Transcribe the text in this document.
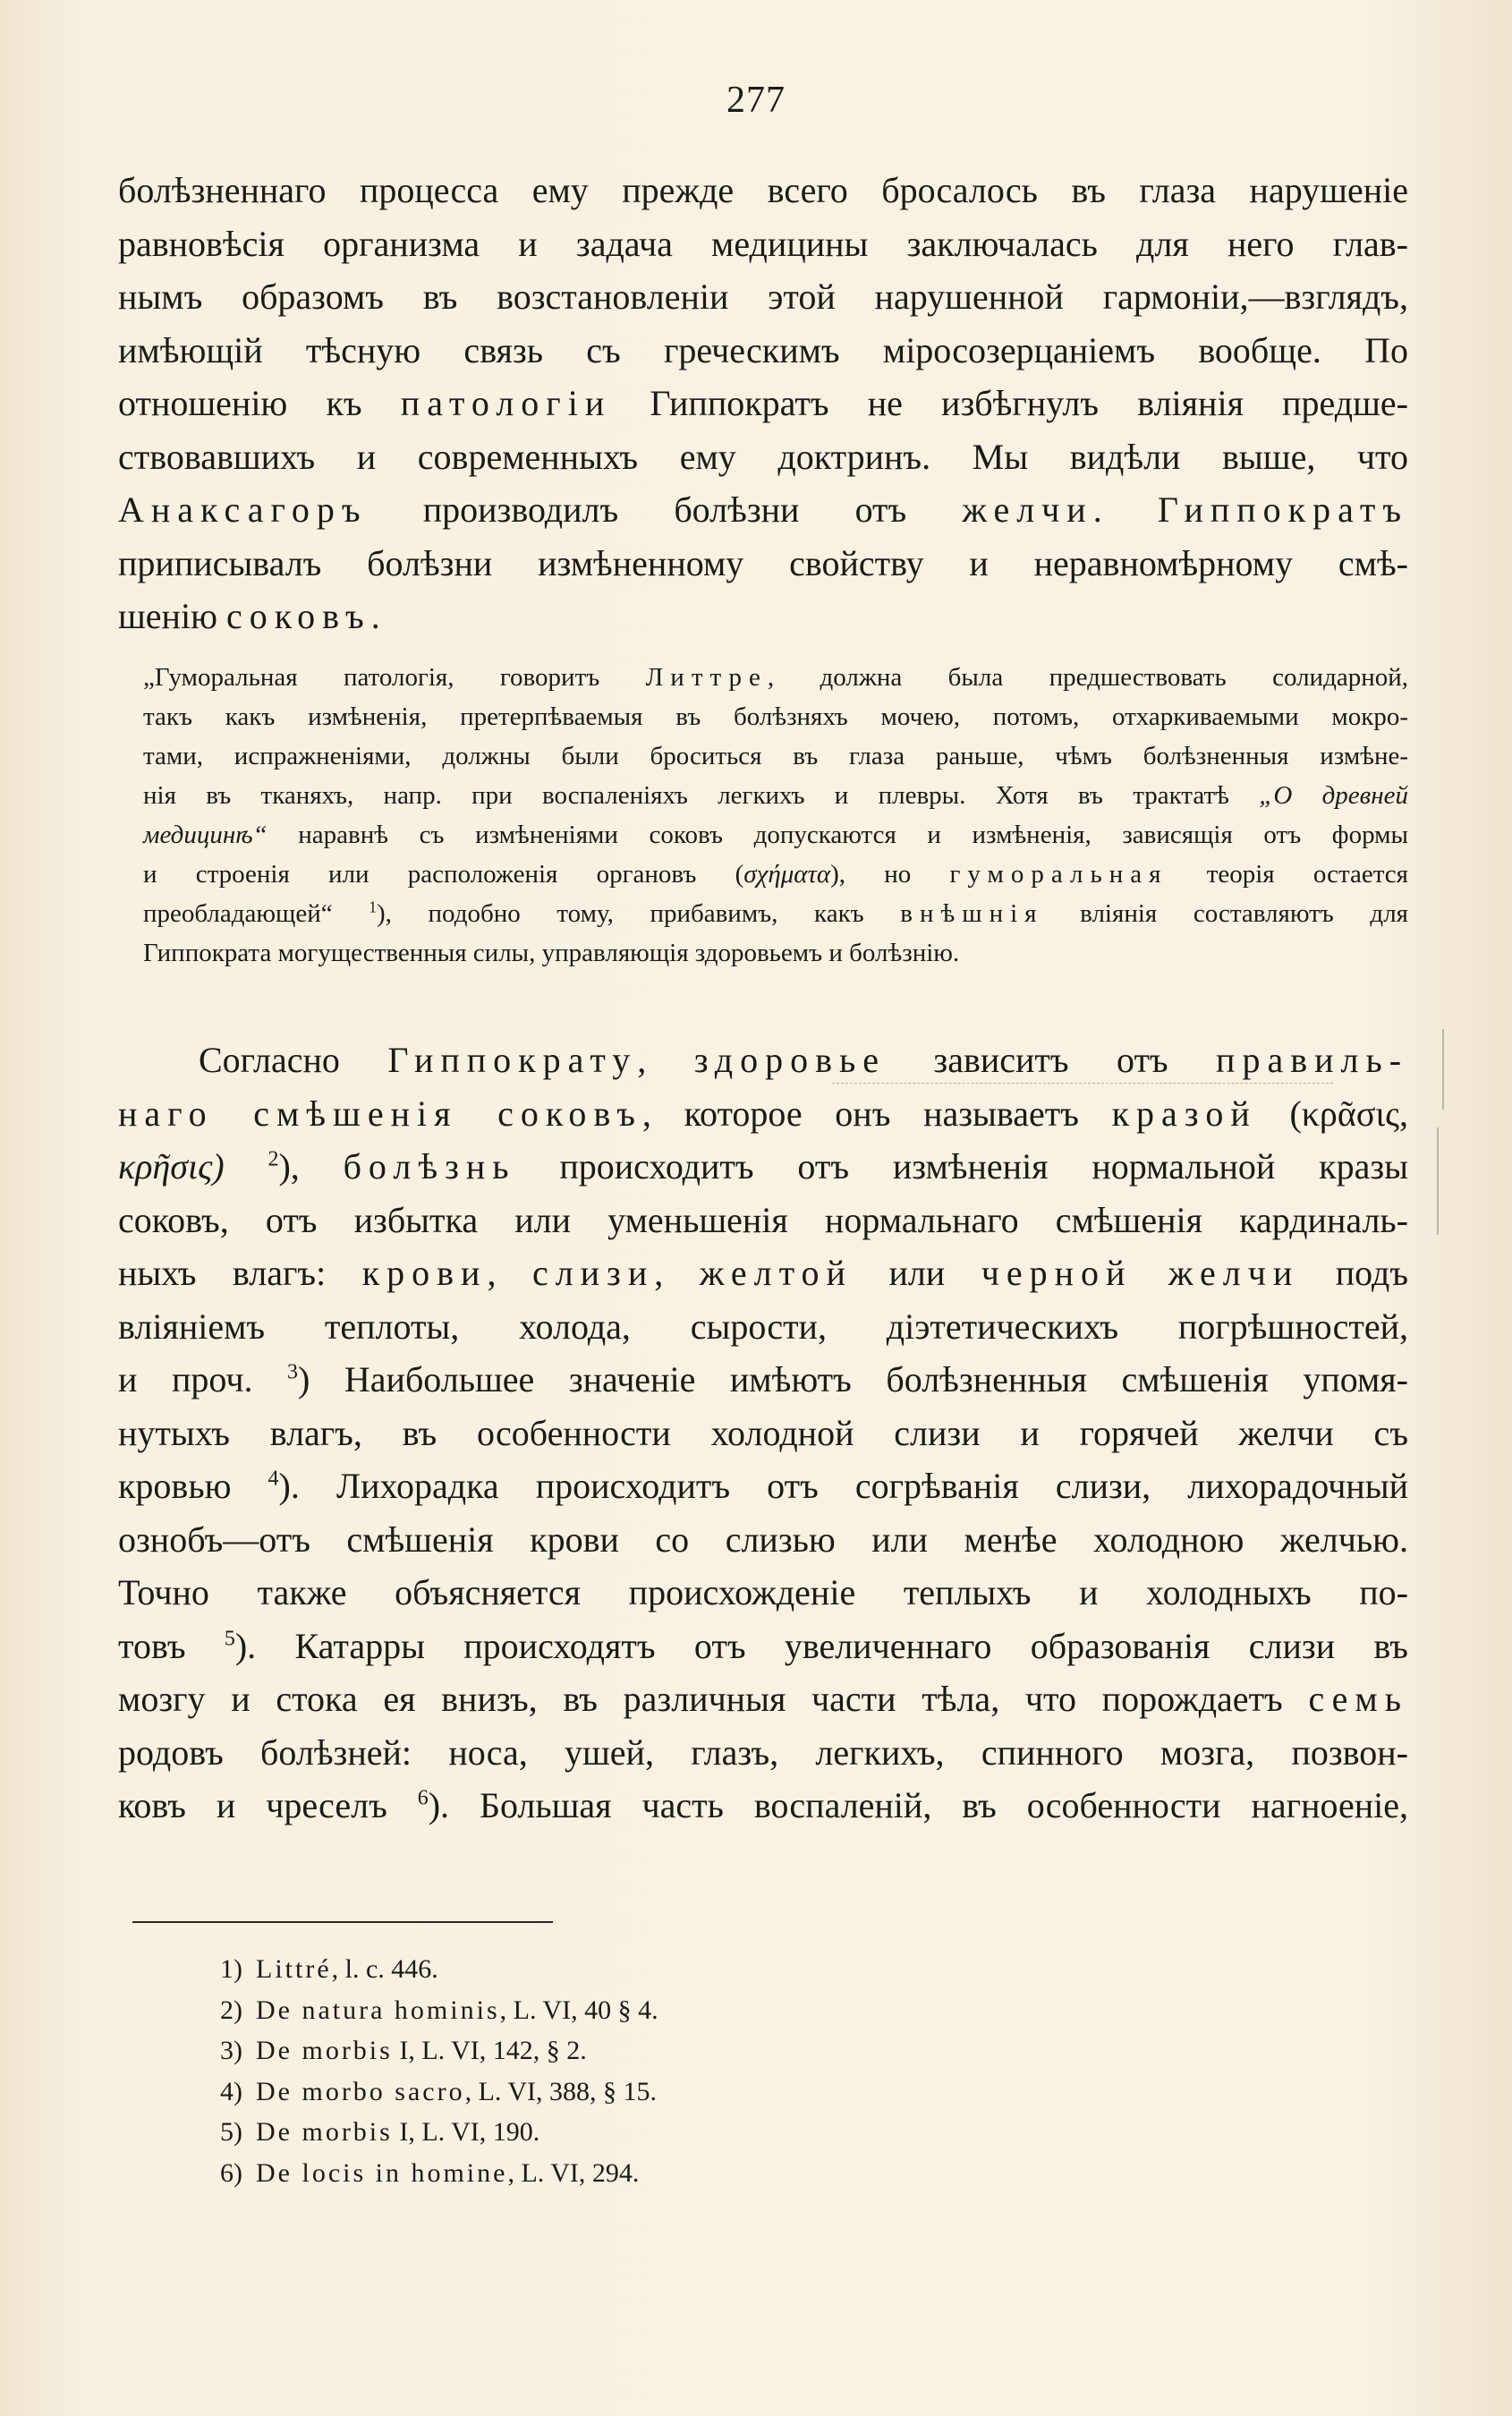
277
болѣзненнаго процесса ему прежде всего бросалось въ глаза нарушеніе
равновѣсія организма и задача медицины заключалась для него глав-
нымъ образомъ въ возстановленіи этой нарушенной гармоніи,—взглядъ,
имѣющій тѣсную связь съ греческимъ міросозерцаніемъ вообще. По
отношенію къ патологіи Гиппократъ не избѣгнулъ вліянія предше-
ствовавшихъ и современныхъ ему доктринъ. Мы видѣли выше, что
Анаксагоръ производилъ болѣзни отъ желчи. Гиппократъ
приписывалъ болѣзни измѣненному свойству и неравномѣрному смѣ-
шенію соковъ.
„Гуморальная патологія, говоритъ Литтре, должна была предшествовать солидарной,
такъ какъ измѣненія, претерпѣваемыя въ болѣзняхъ мочею, потомъ, отхаркиваемыми мокро-
тами, испражненіями, должны были броситься въ глаза раньше, чѣмъ болѣзненныя измѣне-
нія въ тканяхъ, напр. при воспаленіяхъ легкихъ и плевры. Хотя въ трактатѣ „О древней
медицинѣ“ наравнѣ съ измѣненіями соковъ допускаются и измѣненія, зависящія отъ формы
и строенія или расположенія органовъ (σχήματα), но гуморальная теорія остается
преобладающей“ $^1$), подобно тому, прибавимъ, какъ внѣшнія вліянія составляютъ для
Гиппократа могущественныя силы, управляющія здоровьемъ и болѣзнію.
Согласно Гиппократу, здоровье зависитъ отъ правиль-
наго смѣшенія соковъ, которое онъ называетъ кразой (κρᾶσις,
κρῆσις) $^2$), болѣзнь происходитъ отъ измѣненія нормальной кразы
соковъ, отъ избытка или уменьшенія нормальнаго смѣшенія кардиналь-
ныхъ влагъ: крови, слизи, желтой или черной желчи подъ
вліяніемъ теплоты, холода, сырости, діэтетическихъ погрѣшностей,
и проч. $^3$) Наибольшее значеніе имѣютъ болѣзненныя смѣшенія упомя-
нутыхъ влагъ, въ особенности холодной слизи и горячей желчи съ
кровью $^4$). Лихорадка происходитъ отъ согрѣванія слизи, лихорадочный
ознобъ—отъ смѣшенія крови со слизью или менѣе холодною желчью.
Точно также объясняется происхожденіе теплыхъ и холодныхъ по-
товъ $^5$). Катарры происходятъ отъ увеличеннаго образованія слизи въ
мозгу и стока ея внизъ, въ различныя части тѣла, что порождаетъ семь
родовъ болѣзней: носа, ушей, глазъ, легкихъ, спинного мозга, позвон-
ковъ и чреселъ $^6$). Большая часть воспаленій, въ особенности нагноеніе,
1) Littré, l. c. 446.
2) De natura hominis, L. VI, 40 § 4.
3) De morbis I, L. VI, 142, § 2.
4) De morbo sacro, L. VI, 388, § 15.
5) De morbis I, L. VI, 190.
6) De locis in homine, L. VI, 294.
